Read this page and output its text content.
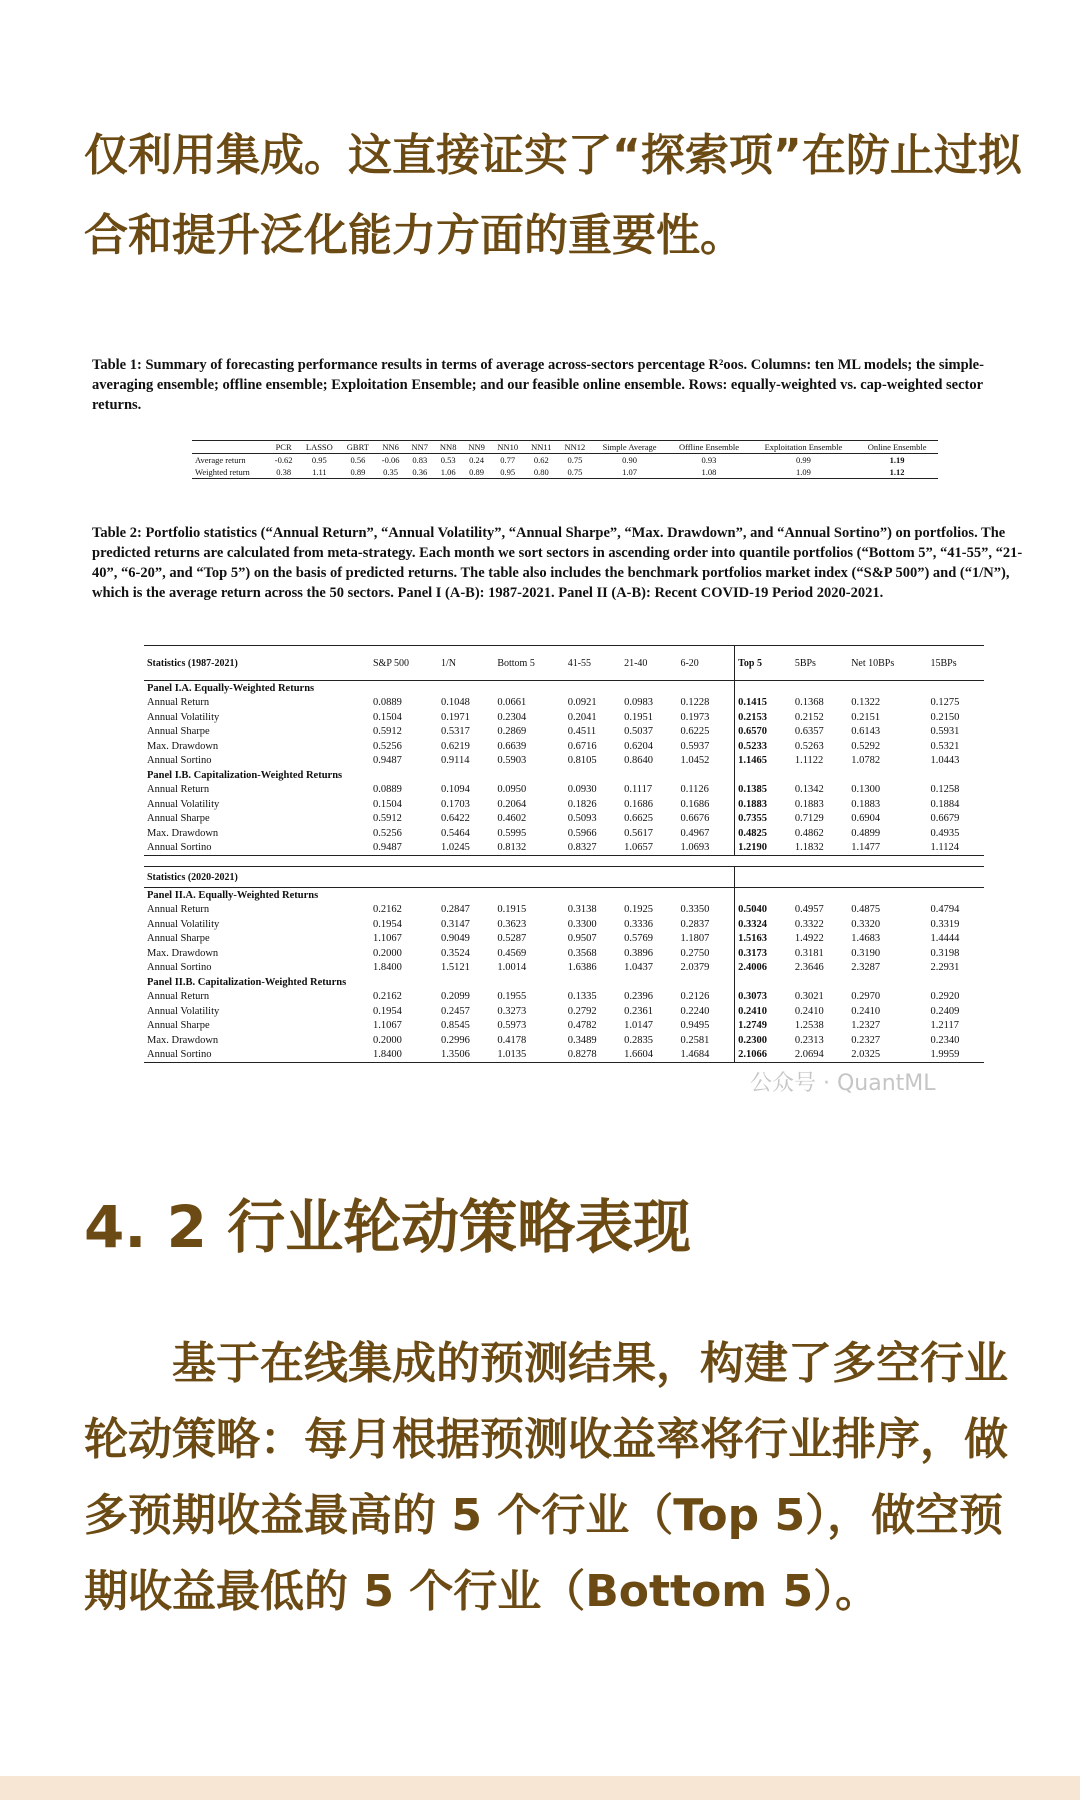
仅利用集成。这直接证实了“探索项”在防止过拟合和提升泛化能力方面的重要性。

Table 1: Summary of forecasting performance results in terms of average across-sectors percentage R²oos. Columns: ten ML models; the simple-averaging ensemble; offline ensemble; Exploitation Ensemble; and our feasible online ensemble. Rows: equally-weighted vs. cap-weighted sector returns.

	PCR	LASSO	GBRT	NN6	NN7	NN8	NN9	NN10	NN11	NN12	Simple Average	Offline Ensemble	Exploitation Ensemble	Online Ensemble
Average return	-0.62	0.95	0.56	-0.06	0.83	0.53	0.24	0.77	0.62	0.75	0.90	0.93	0.99	1.19
Weighted return	0.38	1.11	0.89	0.35	0.36	1.06	0.89	0.95	0.80	0.75	1.07	1.08	1.09	1.12

Table 2: Portfolio statistics (“Annual Return”, “Annual Volatility”, “Annual Sharpe”, “Max. Drawdown”, and “Annual Sortino”) on portfolios. The predicted returns are calculated from meta-strategy. Each month we sort sectors in ascending order into quantile portfolios (“Bottom 5”, “41-55”, “21-40”, “6-20”, and “Top 5”) on the basis of predicted returns. The table also includes the benchmark portfolios market index (“S&P 500”) and (“1/N”), which is the average return across the 50 sectors. Panel I (A-B): 1987-2021. Panel II (A-B): Recent COVID-19 Period 2020-2021.

Statistics (1987-2021)	S&P 500	1/N	Bottom 5	41-55	21-40	6-20	Top 5	5BPs	Net 10BPs	15BPs
Panel I.A. Equally-Weighted Returns										
Annual Return	0.0889	0.1048	0.0661	0.0921	0.0983	0.1228	0.1415	0.1368	0.1322	0.1275
Annual Volatility	0.1504	0.1971	0.2304	0.2041	0.1951	0.1973	0.2153	0.2152	0.2151	0.2150
Annual Sharpe	0.5912	0.5317	0.2869	0.4511	0.5037	0.6225	0.6570	0.6357	0.6143	0.5931
Max. Drawdown	0.5256	0.6219	0.6639	0.6716	0.6204	0.5937	0.5233	0.5263	0.5292	0.5321
Annual Sortino	0.9487	0.9114	0.5903	0.8105	0.8640	1.0452	1.1465	1.1122	1.0782	1.0443
Panel I.B. Capitalization-Weighted Returns										
Annual Return	0.0889	0.1094	0.0950	0.0930	0.1117	0.1126	0.1385	0.1342	0.1300	0.1258
Annual Volatility	0.1504	0.1703	0.2064	0.1826	0.1686	0.1686	0.1883	0.1883	0.1883	0.1884
Annual Sharpe	0.5912	0.6422	0.4602	0.5093	0.6625	0.6676	0.7355	0.7129	0.6904	0.6679
Max. Drawdown	0.5256	0.5464	0.5995	0.5966	0.5617	0.4967	0.4825	0.4862	0.4899	0.4935
Annual Sortino	0.9487	1.0245	0.8132	0.8327	1.0657	1.0693	1.2190	1.1832	1.1477	1.1124

Statistics (2020-2021)										
Panel II.A. Equally-Weighted Returns										
Annual Return	0.2162	0.2847	0.1915	0.3138	0.1925	0.3350	0.5040	0.4957	0.4875	0.4794
Annual Volatility	0.1954	0.3147	0.3623	0.3300	0.3336	0.2837	0.3324	0.3322	0.3320	0.3319
Annual Sharpe	1.1067	0.9049	0.5287	0.9507	0.5769	1.1807	1.5163	1.4922	1.4683	1.4444
Max. Drawdown	0.2000	0.3524	0.4569	0.3568	0.3896	0.2750	0.3173	0.3181	0.3190	0.3198
Annual Sortino	1.8400	1.5121	1.0014	1.6386	1.0437	2.0379	2.4006	2.3646	2.3287	2.2931
Panel II.B. Capitalization-Weighted Returns										
Annual Return	0.2162	0.2099	0.1955	0.1335	0.2396	0.2126	0.3073	0.3021	0.2970	0.2920
Annual Volatility	0.1954	0.2457	0.3273	0.2792	0.2361	0.2240	0.2410	0.2410	0.2410	0.2409
Annual Sharpe	1.1067	0.8545	0.5973	0.4782	1.0147	0.9495	1.2749	1.2538	1.2327	1.2117
Max. Drawdown	0.2000	0.2996	0.4178	0.3489	0.2835	0.2581	0.2300	0.2313	0.2327	0.2340
Annual Sortino	1.8400	1.3506	1.0135	0.8278	1.6604	1.4684	2.1066	2.0694	2.0325	1.9959
公众号 · QuantML
4. 2 行业轮动策略表现

基于在线集成的预测结果，构建了多空行业轮动策略：每月根据预测收益率将行业排序，做多预期收益最高的 5 个行业（Top 5），做空预期收益最低的 5 个行业（Bottom 5）。
